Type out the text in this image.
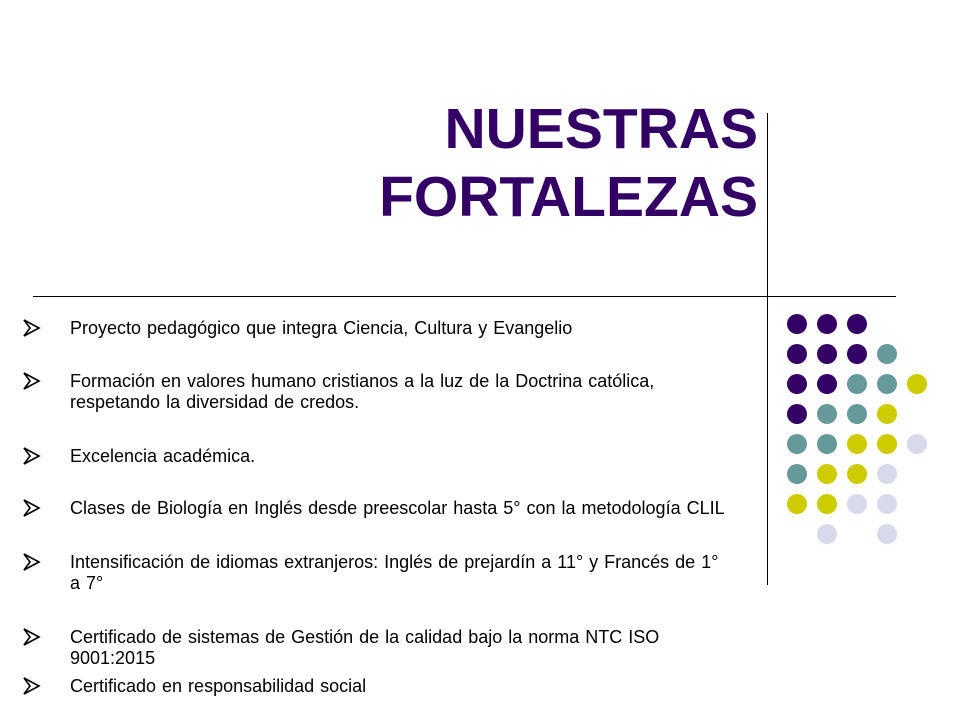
NUESTRAS
FORTALEZAS
Proyecto pedagógico que integra Ciencia, Cultura y Evangelio
Formación en valores humano cristianos a la luz de la Doctrina católica,
respetando la diversidad de credos.
Excelencia académica.
Clases de Biología en Inglés desde preescolar hasta 5° con la metodología CLIL
Intensificación de idiomas extranjeros: Inglés de prejardín a 11° y Francés de 1°
a 7°
Certificado de sistemas de Gestión de la calidad bajo la norma NTC ISO
9001:2015
Certificado en responsabilidad social
